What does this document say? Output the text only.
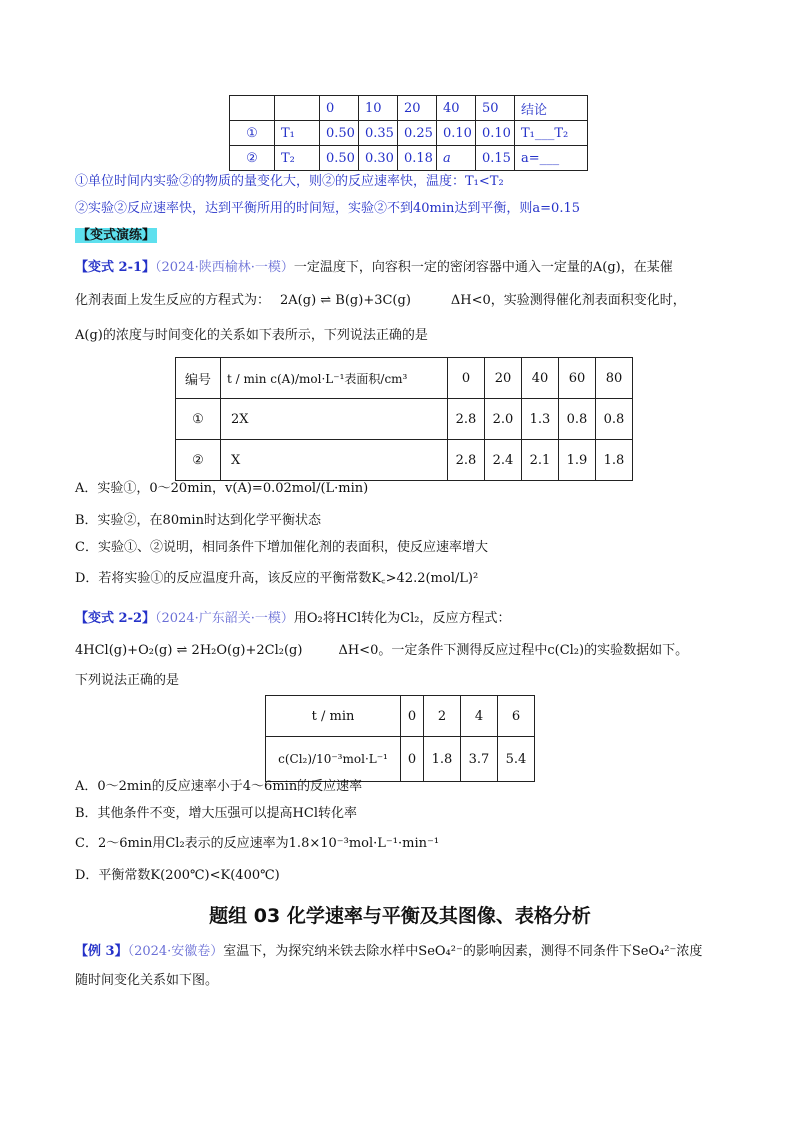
		0	10	20	40	50	结论
①	T₁	0.50	0.35	0.25	0.10	0.10	T₁___T₂
②	T₂	0.50	0.30	0.18	a	0.15	a=___
①单位时间内实验②的物质的量变化大，则②的反应速率快，温度：T₁<T₂
②实验②反应速率快，达到平衡所用的时间短，实验②不到40min达到平衡，则a=0.15
【变式演练】
【变式 2-1】（2024·陕西榆林·一模）一定温度下，向容积一定的密闭容器中通入一定量的A(g)，在某催
化剂表面上发生反应的方程式为： 2A(g) ⇌ B(g)+3C(g)	ΔH<0，实验测得催化剂表面积变化时，
A(g)的浓度与时间变化的关系如下表所示，下列说法正确的是
编号	t / min c(A)/mol·L⁻¹表面积/cm³	0	20	40	60	80
①	2X	2.8	2.0	1.3	0.8	0.8
②	X	2.8	2.4	2.1	1.9	1.8
A．实验①，0～20min，v(A)=0.02mol/(L·min)
B．实验②，在80min时达到化学平衡状态
C．实验①、②说明，相同条件下增加催化剂的表面积，使反应速率增大
D．若将实验①的反应温度升高，该反应的平衡常数K꜀>42.2(mol/L)²
【变式 2-2】（2024·广东韶关·一模）用O₂将HCl转化为Cl₂，反应方程式：
4HCl(g)+O₂(g) ⇌ 2H₂O(g)+2Cl₂(g)	ΔH<0。一定条件下测得反应过程中c(Cl₂)的实验数据如下。
下列说法正确的是
t / min	0	2	4	6
c(Cl₂)/10⁻³mol·L⁻¹	0	1.8	3.7	5.4
A．0～2min的反应速率小于4～6min的反应速率
B．其他条件不变，增大压强可以提高HCl转化率
C．2～6min用Cl₂表示的反应速率为1.8×10⁻³mol·L⁻¹·min⁻¹
D．平衡常数K(200℃)<K(400℃)
题组 03 化学速率与平衡及其图像、表格分析
【例 3】（2024·安徽卷）室温下，为探究纳米铁去除水样中SeO₄²⁻的影响因素，测得不同条件下SeO₄²⁻浓度
随时间变化关系如下图。
